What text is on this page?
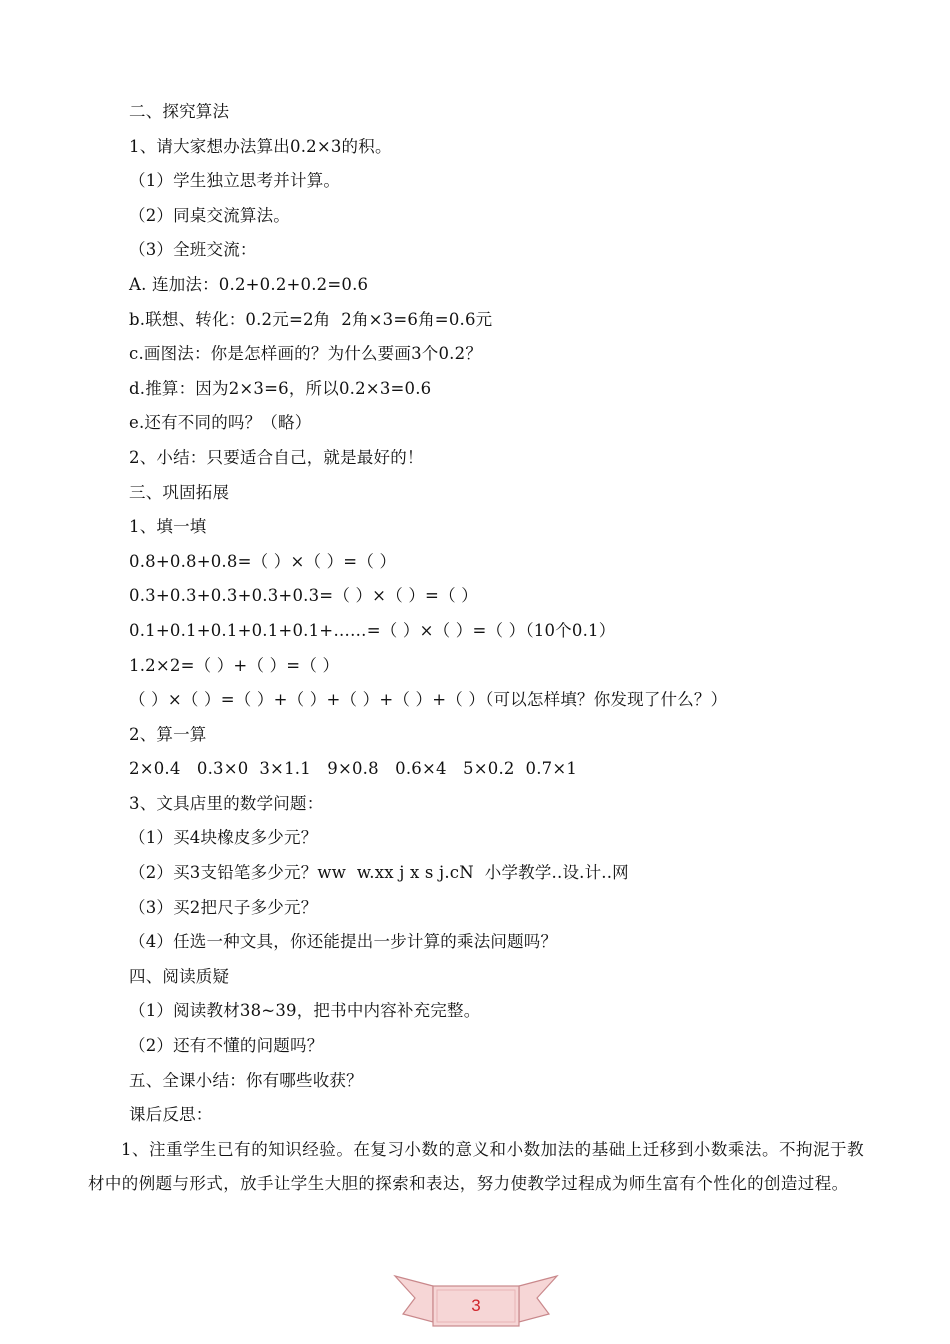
二、探究算法
1、请大家想办法算出0.2×3的积。
（1）学生独立思考并计算。
（2）同桌交流算法。
（3）全班交流：
A. 连加法：0.2+0.2+0.2=0.6
b.联想、转化：0.2元=2角  2角×3=6角=0.6元
c.画图法：你是怎样画的？为什么要画3个0.2？
d.推算：因为2×3=6，所以0.2×3=0.6
e.还有不同的吗？（略）
2、小结：只要适合自己，就是最好的！
三、巩固拓展
1、填一填
0.8+0.8+0.8=（ ）×（ ）=（ ）
0.3+0.3+0.3+0.3+0.3=（ ）×（ ）=（ ）
0.1+0.1+0.1+0.1+0.1+……=（ ）×（ ）=（ ）（10个0.1）
1.2×2=（ ）+（ ）=（ ）
（ ）×（ ）=（ ）+（ ）+（ ）+（ ）+（ ）（可以怎样填？你发现了什么？）
2、算一算
2×0.4   0.3×0  3×1.1   9×0.8   0.6×4   5×0.2  0.7×1
3、文具店里的数学问题：
（1）买4块橡皮多少元？
（2）买3支铅笔多少元？ww  w.xx j x s j.cN  小学教学..设.计..网
（3）买2把尺子多少元？
（4）任选一种文具，你还能提出一步计算的乘法问题吗？
四、阅读质疑
（1）阅读教材38~39，把书中内容补充完整。
（2）还有不懂的问题吗？
五、全课小结：你有哪些收获？
课后反思：
1、注重学生已有的知识经验。在复习小数的意义和小数加法的基础上迁移到小数乘法。不拘泥于教材中的例题与形式，放手让学生大胆的探索和表达，努力使教学过程成为师生富有个性化的创造过程。
3
